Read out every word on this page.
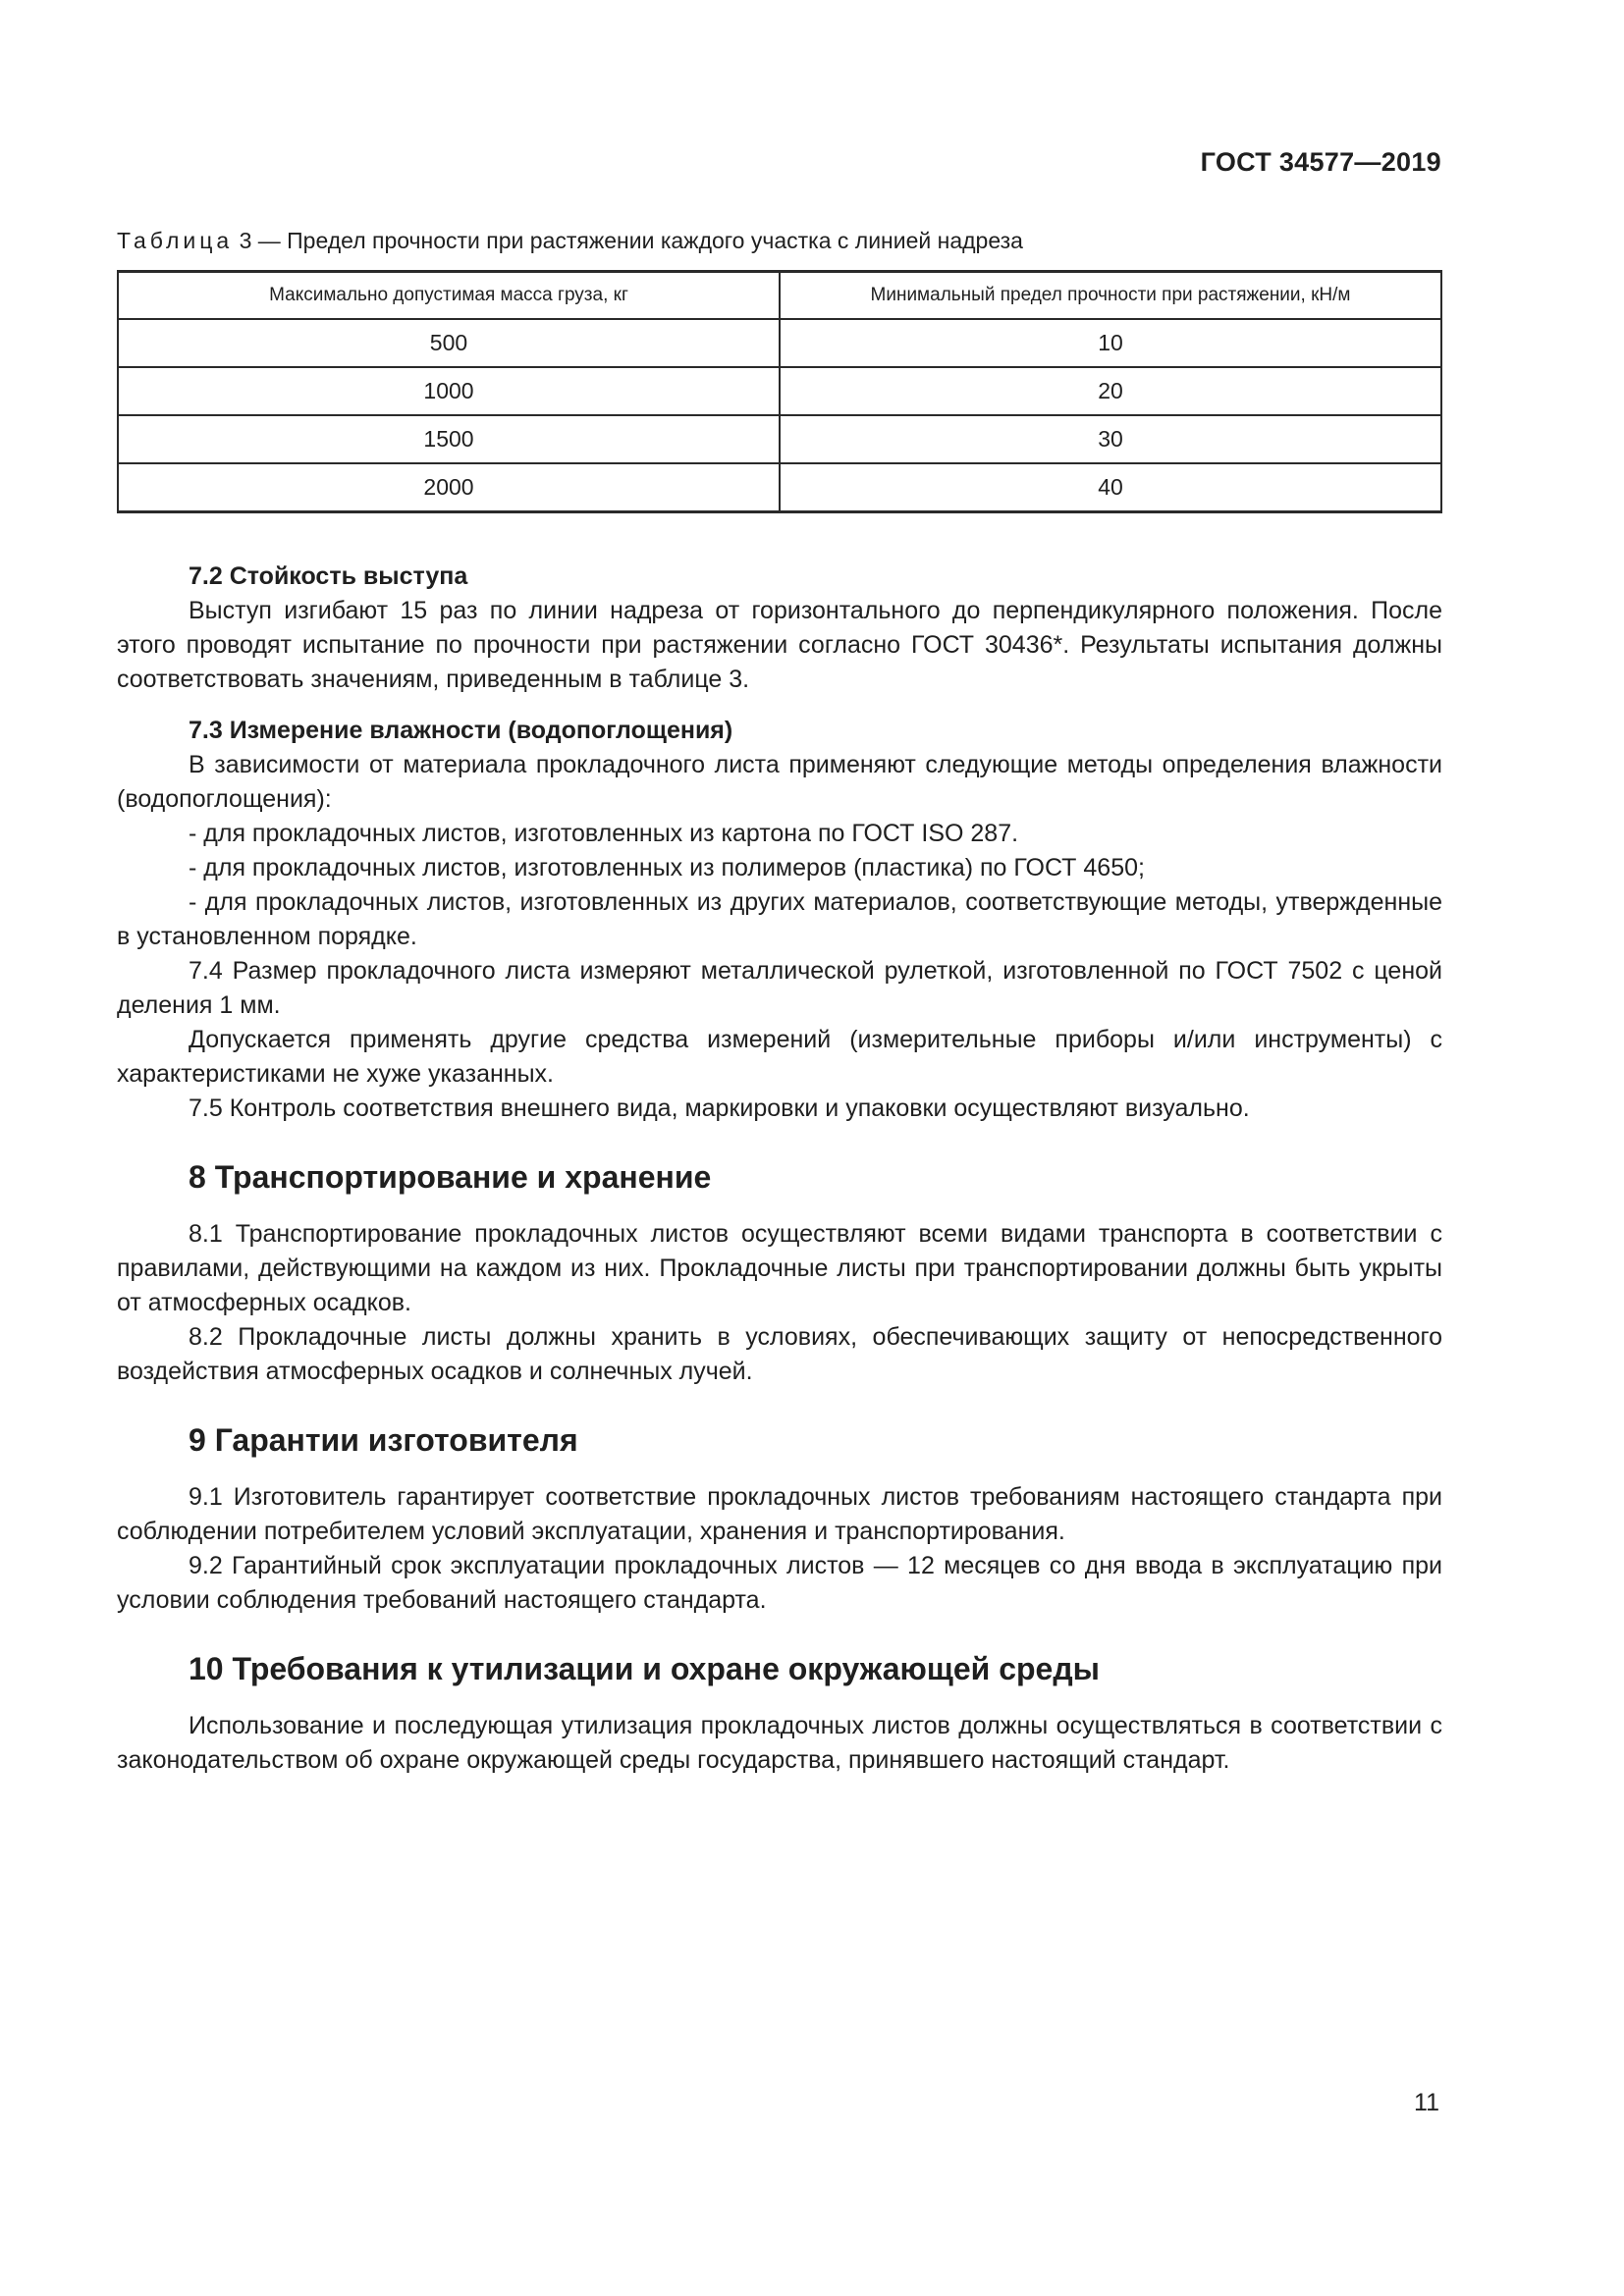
ГОСТ 34577—2019
Таблица 3 — Предел прочности при растяжении каждого участка с линией надреза
Максимально допустимая масса груза, кг	Минимальный предел прочности при растяжении, кН/м
500	10
1000	20
1500	30
2000	40

7.2 Стойкость выступа

Выступ изгибают 15 раз по линии надреза от горизонтального до перпендикулярного положения. После этого проводят испытание по прочности при растяжении согласно ГОСТ 30436*. Результаты испытания должны соответствовать значениям, приведенным в таблице 3.

7.3 Измерение влажности (водопоглощения)

В зависимости от материала прокладочного листа применяют следующие методы определения влажности (водопоглощения):

- для прокладочных листов, изготовленных из картона по ГОСТ ISO 287.

- для прокладочных листов, изготовленных из полимеров (пластика) по ГОСТ 4650;

- для прокладочных листов, изготовленных из других материалов, соответствующие методы, утвержденные в установленном порядке.

7.4 Размер прокладочного листа измеряют металлической рулеткой, изготовленной по ГОСТ 7502 с ценой деления 1 мм.

Допускается применять другие средства измерений (измерительные приборы и/или инструменты) с характеристиками не хуже указанных.

7.5 Контроль соответствия внешнего вида, маркировки и упаковки осуществляют визуально.

8 Транспортирование и хранение

8.1 Транспортирование прокладочных листов осуществляют всеми видами транспорта в соответствии с правилами, действующими на каждом из них. Прокладочные листы при транспортировании должны быть укрыты от атмосферных осадков.

8.2 Прокладочные листы должны хранить в условиях, обеспечивающих защиту от непосредственного воздействия атмосферных осадков и солнечных лучей.

9 Гарантии изготовителя

9.1 Изготовитель гарантирует соответствие прокладочных листов требованиям настоящего стандарта при соблюдении потребителем условий эксплуатации, хранения и транспортирования.

9.2 Гарантийный срок эксплуатации прокладочных листов — 12 месяцев со дня ввода в эксплуатацию при условии соблюдения требований настоящего стандарта.

10 Требования к утилизации и охране окружающей среды

Использование и последующая утилизация прокладочных листов должны осуществляться в соответствии с законодательством об охране окружающей среды государства, принявшего настоящий стандарт.

11
